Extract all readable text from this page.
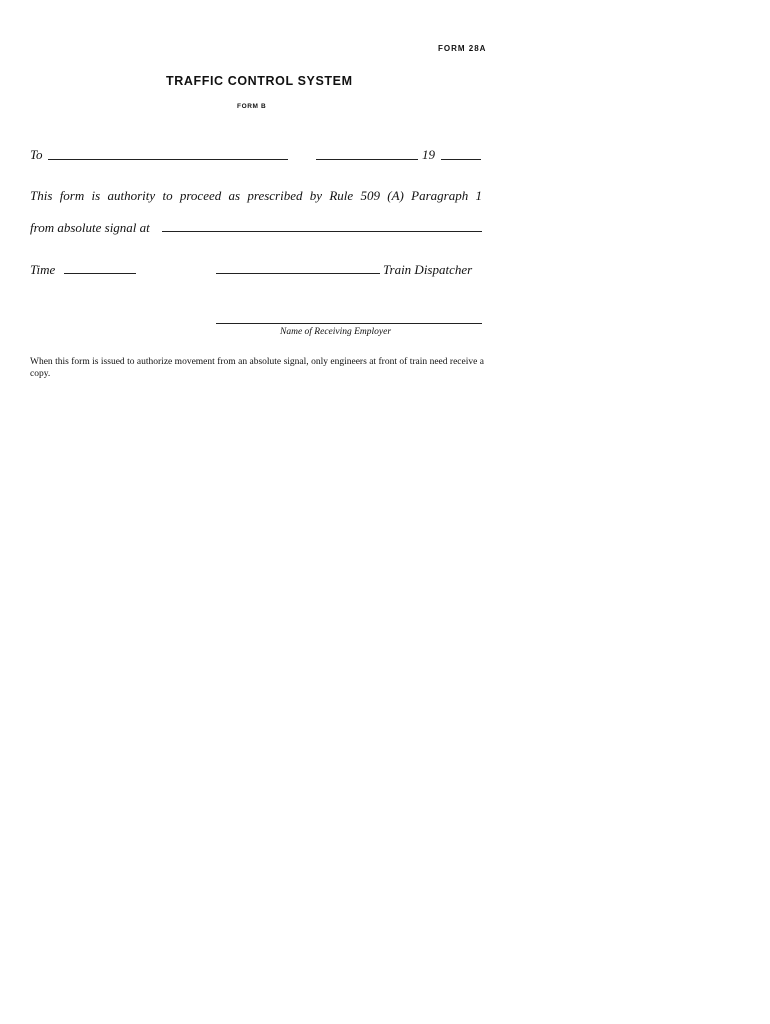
FORM 28A
TRAFFIC CONTROL SYSTEM
FORM B
To	19
This form is authority to proceed as prescribed by Rule 509 (A) Paragraph 1
from absolute signal at
Time	Train Dispatcher
Name of Receiving Employer
When this form is issued to authorize movement from an absolute signal, only engineers at front of train need receive a copy.
